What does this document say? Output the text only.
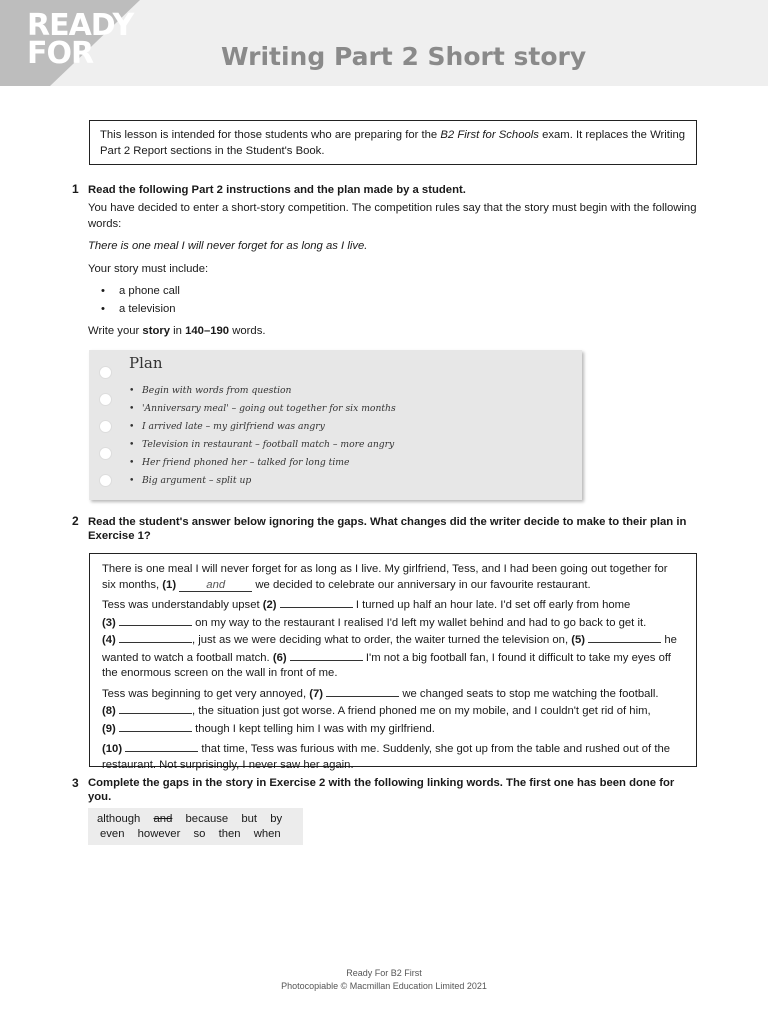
READY
FOR	Writing Part 2 Short story
This lesson is intended for those students who are preparing for the B2 First for Schools exam. It replaces the Writing Part 2 Report sections in the Student's Book.
1 Read the following Part 2 instructions and the plan made by a student.
You have decided to enter a short-story competition. The competition rules say that the story must begin with the following words:
There is one meal I will never forget for as long as I live.
Your story must include:
• a phone call
• a television
Write your story in 140–190 words.
Plan
• Begin with words from question
• 'Anniversary meal' – going out together for six months
• I arrived late – my girlfriend was angry
• Television in restaurant – football match – more angry
• Her friend phoned her – talked for long time
• Big argument – split up
2 Read the student's answer below ignoring the gaps. What changes did the writer decide to make to their plan in Exercise 1?

There is one meal I will never forget for as long as I live. My girlfriend, Tess, and I had been going out together for six months, (1)	and we decided to celebrate our anniversary in our favourite restaurant.

Tess was understandably upset (2)	I turned up half an hour late. I'd set off early from home
(3)	on my way to the restaurant I realised I'd left my wallet behind and had to go back to get it.
(4)	, just as we were deciding what to order, the waiter turned the television on, (5)	he wanted to watch a football match. (6)	I'm not a big football fan, I found it difficult to take my eyes off the enormous screen on the wall in front of me.

Tess was beginning to get very annoyed, (7)	we changed seats to stop me watching the football.
(8)	, the situation just got worse. A friend phoned me on my mobile, and I couldn't get rid of him,
(9)	though I kept telling him I was with my girlfriend.

(10)	that time, Tess was furious with me. Suddenly, she got up from the table and rushed out of the restaurant. Not surprisingly, I never saw her again.

3 Complete the gaps in the story in Exercise 2 with the following linking words. The first one has been done for you.
although and because but by
even however so then when
Ready For B2 First
Photocopiable © Macmillan Education Limited 2021
